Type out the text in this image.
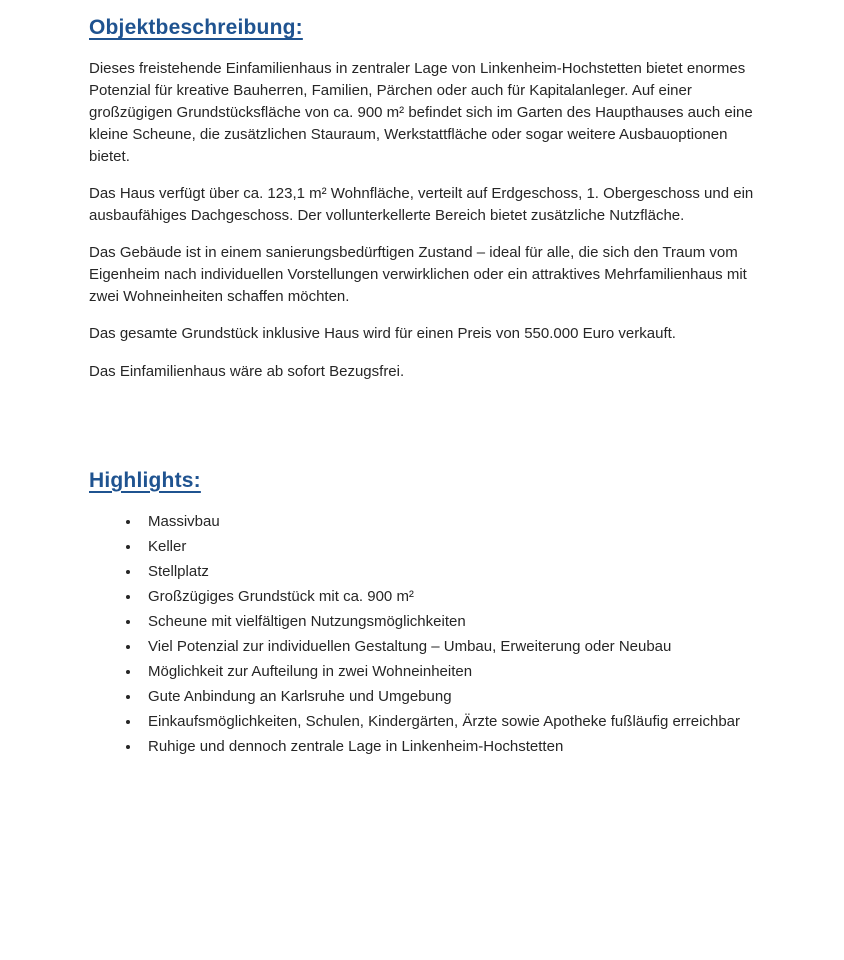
Objektbeschreibung:

Dieses freistehende Einfamilienhaus in zentraler Lage von Linkenheim-Hochstetten bietet enormes Potenzial für kreative Bauherren, Familien, Pärchen oder auch für Kapitalanleger. Auf einer großzügigen Grundstücksfläche von ca. 900 m² befindet sich im Garten des Haupthauses auch eine kleine Scheune, die zusätzlichen Stauraum, Werkstattfläche oder sogar weitere Ausbauoptionen bietet.

Das Haus verfügt über ca. 123,1 m² Wohnfläche, verteilt auf Erdgeschoss, 1. Obergeschoss und ein ausbaufähiges Dachgeschoss. Der vollunterkellerte Bereich bietet zusätzliche Nutzfläche.

Das Gebäude ist in einem sanierungsbedürftigen Zustand – ideal für alle, die sich den Traum vom Eigenheim nach individuellen Vorstellungen verwirklichen oder ein attraktives Mehrfamilienhaus mit zwei Wohneinheiten schaffen möchten.

Das gesamte Grundstück inklusive Haus wird für einen Preis von 550.000 Euro verkauft.

Das Einfamilienhaus wäre ab sofort Bezugsfrei.

Highlights:
• Massivbau
• Keller
• Stellplatz
• Großzügiges Grundstück mit ca. 900 m²
• Scheune mit vielfältigen Nutzungsmöglichkeiten
• Viel Potenzial zur individuellen Gestaltung – Umbau, Erweiterung oder Neubau
• Möglichkeit zur Aufteilung in zwei Wohneinheiten
• Gute Anbindung an Karlsruhe und Umgebung
• Einkaufsmöglichkeiten, Schulen, Kindergärten, Ärzte sowie Apotheke fußläufig erreichbar
• Ruhige und dennoch zentrale Lage in Linkenheim-Hochstetten
